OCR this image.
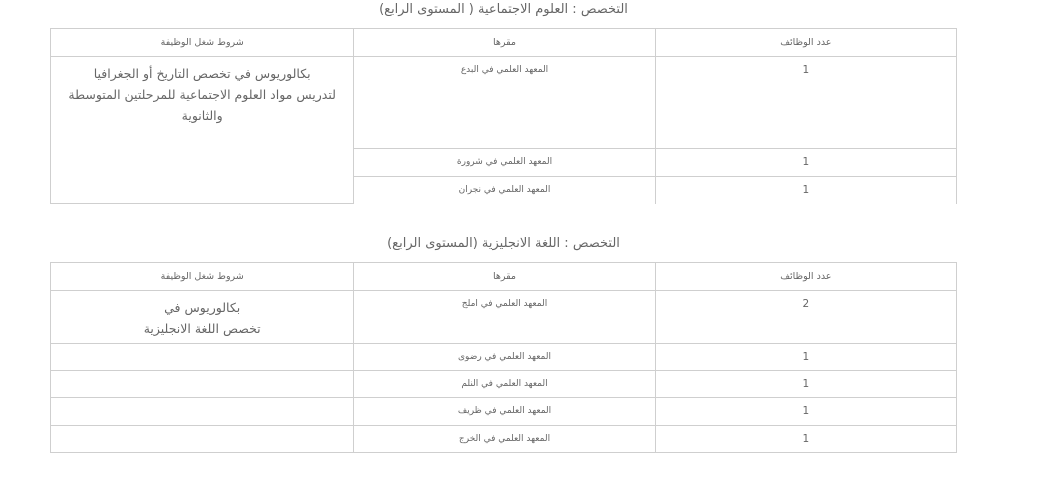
التخصص : العلوم الاجتماعية ( المستوى الرابع)
عدد الوظائف	مقرها	شروط شغل الوظيفة
1	المعهد العلمي في البدع	بكالوريوس في تخصص التاريخ أو الجغرافيا
لتدريس مواد العلوم الاجتماعية للمرحلتين المتوسطة
والثانوية

1	المعهد العلمي في شرورة	
1	المعهد العلمي في نجران	
التخصص : اللغة الانجليزية (المستوى الرابع)
عدد الوظائف	مقرها	شروط شغل الوظيفة
2	المعهد العلمي في املج	بكالوريوس في
تخصص اللغة الانجليزية

1	المعهد العلمي في رضوى	
1	المعهد العلمي في النلم	
1	المعهد العلمي في ظريف	
1	المعهد العلمي في الخرج	
